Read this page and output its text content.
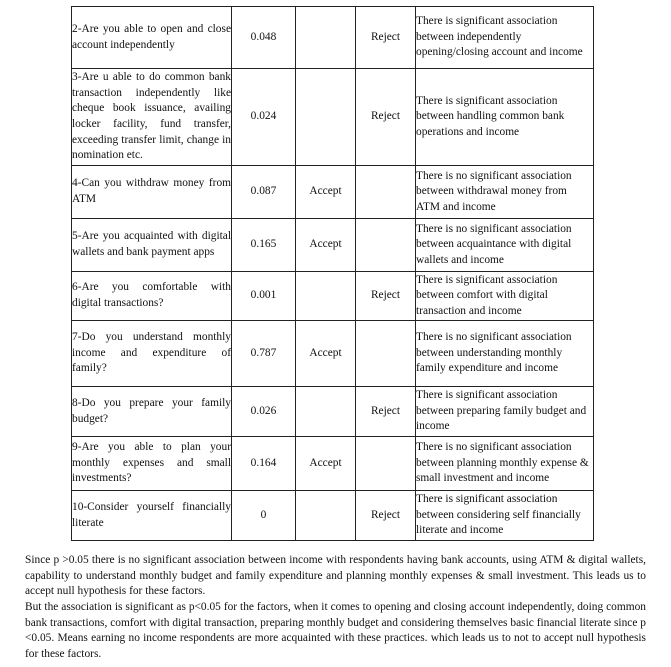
2-Are you able to open and close account independently	0.048		Reject	There is significant association between independently opening/closing account and income
3-Are u able to do common bank transaction independently like cheque book issuance, availing locker facility, fund transfer, exceeding transfer limit, change in nomination etc.	0.024		Reject	There is significant association between handling common bank operations and income
4-Can you withdraw money from ATM	0.087	Accept		There is no significant association between withdrawal money from ATM and income
5-Are you acquainted with digital wallets and bank payment apps	0.165	Accept		There is no significant association between acquaintance with digital wallets and income
6-Are you comfortable with digital transactions?	0.001		Reject	There is significant association between comfort with digital transaction and income
7-Do you understand monthly income and expenditure of family?	0.787	Accept		There is no significant association between understanding monthly family expenditure and income
8-Do you prepare your family budget?	0.026		Reject	There is significant association between preparing family budget and income
9-Are you able to plan your monthly expenses and small investments?	0.164	Accept		There is no significant association between planning monthly expense & small investment and income
10-Consider yourself financially literate	0		Reject	There is significant association between considering self financially literate and income

Since p >0.05 there is no significant association between income with respondents having bank accounts, using ATM & digital wallets, capability to understand monthly budget and family expenditure and planning monthly expenses & small investment. This leads us to accept null hypothesis for these factors.

But the association is significant as p<0.05 for the factors, when it comes to opening and closing account independently, doing common bank transactions, comfort with digital transaction, preparing monthly budget and considering themselves basic financial literate since p <0.05. Means earning no income respondents are more acquainted with these practices. which leads us to not to accept null hypothesis for these factors.
